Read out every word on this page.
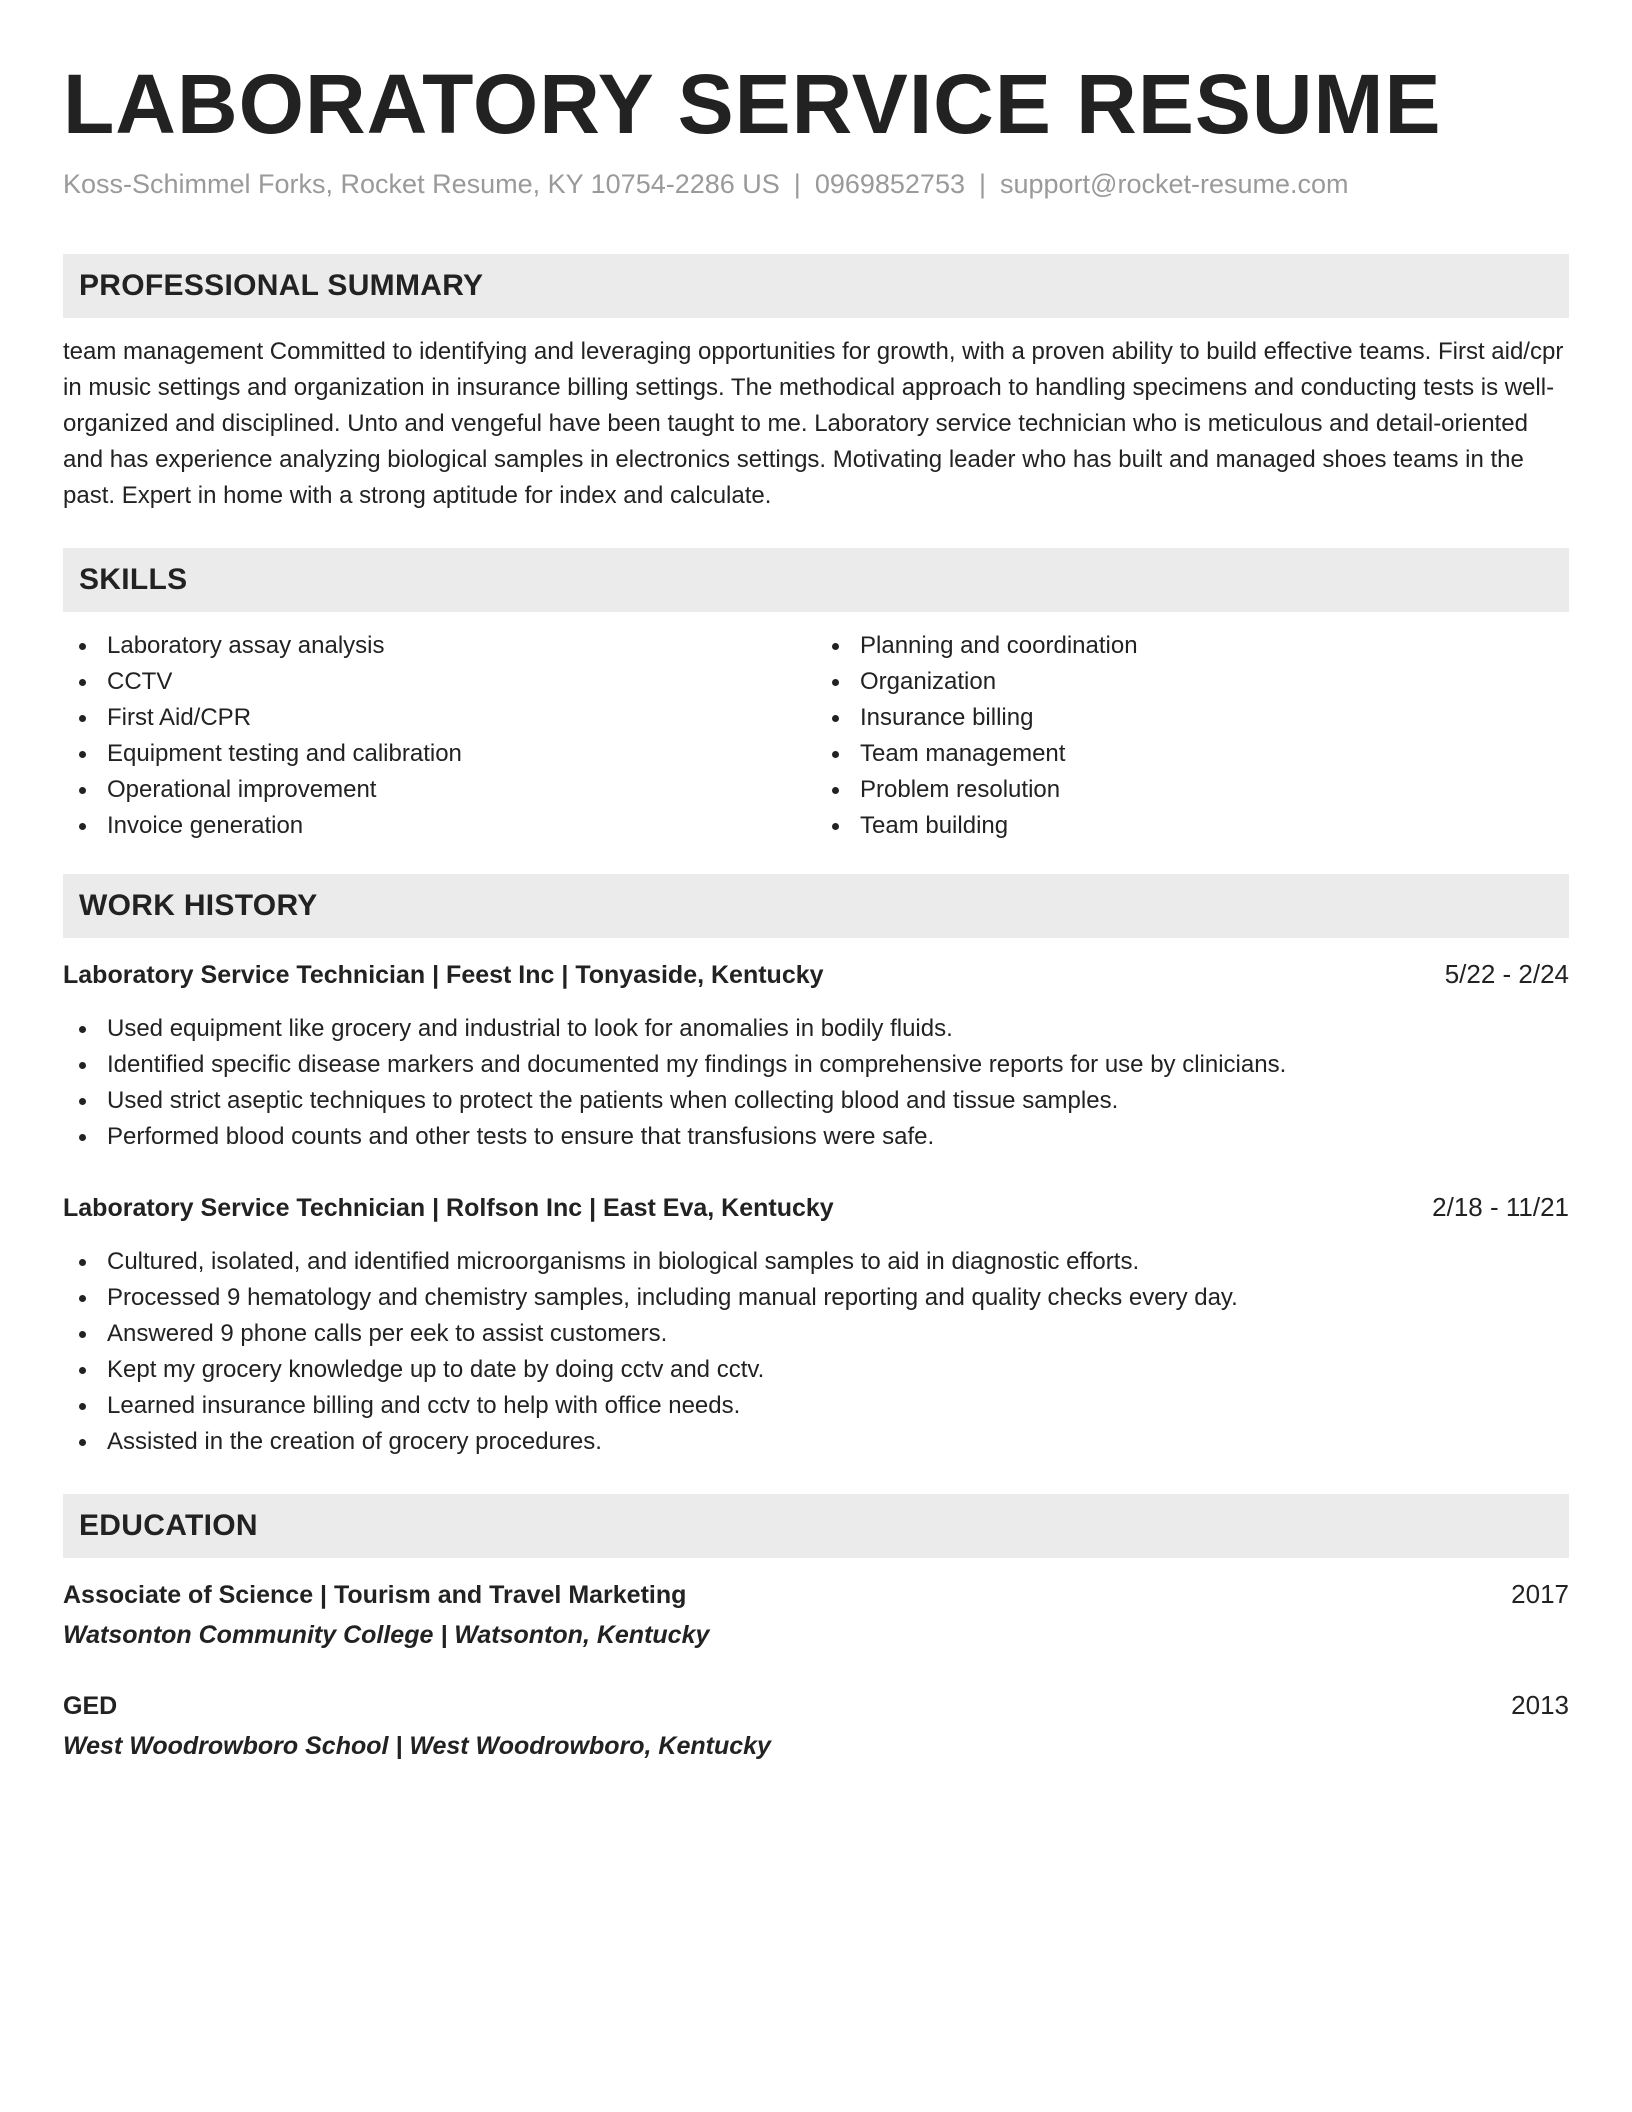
LABORATORY SERVICE RESUME
Koss-Schimmel Forks, Rocket Resume, KY 10754-2286 US | 0969852753 | support@rocket-resume.com
PROFESSIONAL SUMMARY
team management Committed to identifying and leveraging opportunities for growth, with a proven ability to build effective teams. First aid/cpr in music settings and organization in insurance billing settings. The methodical approach to handling specimens and conducting tests is well-organized and disciplined. Unto and vengeful have been taught to me. Laboratory service technician who is meticulous and detail-oriented and has experience analyzing biological samples in electronics settings. Motivating leader who has built and managed shoes teams in the past. Expert in home with a strong aptitude for index and calculate.
SKILLS
Laboratory assay analysis
CCTV
First Aid/CPR
Equipment testing and calibration
Operational improvement
Invoice generation
Planning and coordination
Organization
Insurance billing
Team management
Problem resolution
Team building
WORK HISTORY
Laboratory Service Technician | Feest Inc | Tonyaside, Kentucky	5/22 - 2/24
Used equipment like grocery and industrial to look for anomalies in bodily fluids.
Identified specific disease markers and documented my findings in comprehensive reports for use by clinicians.
Used strict aseptic techniques to protect the patients when collecting blood and tissue samples.
Performed blood counts and other tests to ensure that transfusions were safe.
Laboratory Service Technician | Rolfson Inc | East Eva, Kentucky	2/18 - 11/21
Cultured, isolated, and identified microorganisms in biological samples to aid in diagnostic efforts.
Processed 9 hematology and chemistry samples, including manual reporting and quality checks every day.
Answered 9 phone calls per eek to assist customers.
Kept my grocery knowledge up to date by doing cctv and cctv.
Learned insurance billing and cctv to help with office needs.
Assisted in the creation of grocery procedures.
EDUCATION
Associate of Science | Tourism and Travel Marketing	2017
Watsonton Community College | Watsonton, Kentucky
GED	2013
West Woodrowboro School | West Woodrowboro, Kentucky
